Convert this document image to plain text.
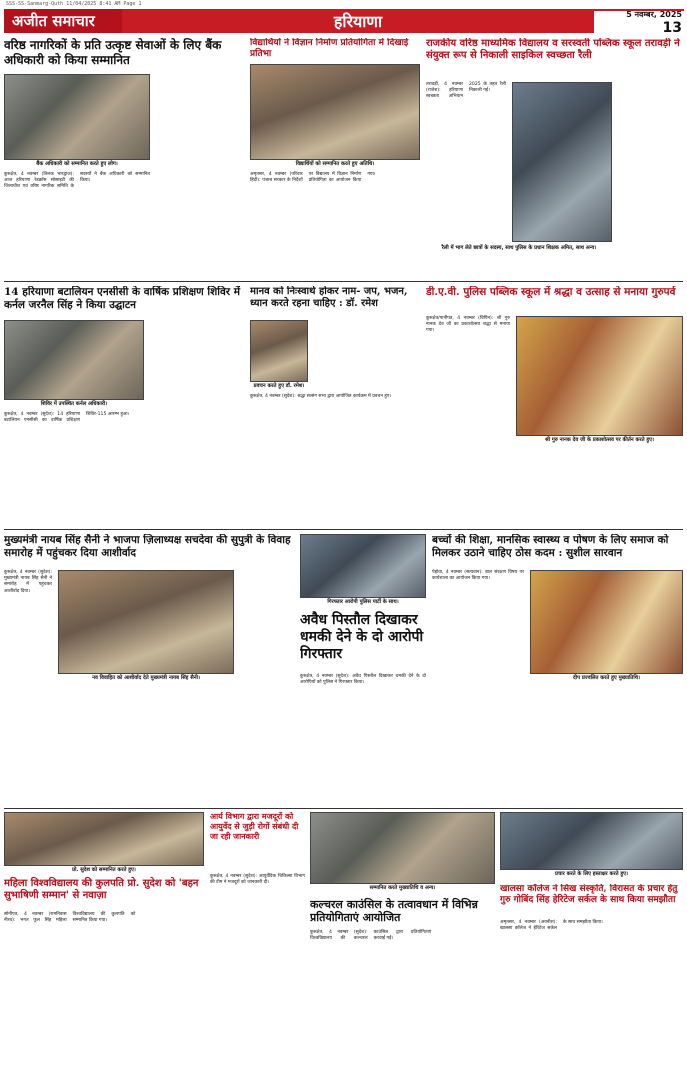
SSS-SS-Sanmarg-Quth 11/04/2025 8:41 AM Page 1
अजीत समाचार	हरियाणा	5 नवम्बर, 2025
13
वरिष्ठ नागरिकों के प्रति उत्कृष्ट सेवाओं के लिए बैंक अधिकारी को किया सम्मानित
बैंक अधिकारी को सम्मानित करते हुए लोग।
कुरुक्षेत्र, 4 नवम्बर (तिलक भारद्वाज): आज हरियाणा रेडक्रॉस सोसाइटी की जिलाधीश एवं वरिष्ठ नागरिक समिति के सदस्यों ने बैंक अधिकारी को सम्मानित किया।
विद्यार्थियों ने विज्ञान निर्माण प्रतियोगिता में दिखाई प्रतिभा
विद्यार्थियों को सम्मानित करते हुए अतिथि।
अमृतसर, 4 नवम्बर (परिवार हिंदी): पंजाब सरकार के निर्देशों पर विद्यालय में विज्ञान निर्माण प्रतियोगिता का आयोजन किया गया।
राजकीय वरिष्ठ माध्यमिक विद्यालय व सरस्वती पब्लिक स्कूल तरावड़ी ने संयुक्त रूप से निकाली साइकिल स्वच्छता रैली
तरावड़ी, 4 नवम्बर (राजेश): हरियाणा स्वच्छता अभियान 2025 के तहत रैली निकाली गई।
रैली में भाग लेते छात्रों के सदस्य, साथ पुलिस के प्रधान शिक्षक अमित, साथ अन्य।
14 हरियाणा बटालियन एनसीसी के वार्षिक प्रशिक्षण शिविर में कर्नल जरनैल सिंह ने किया उद्घाटन
शिविर में उपस्थित कर्नल अधिकारी।
कुरुक्षेत्र, 4 नवम्बर (सुदेश): 14 हरियाणा बटालियन एनसीसी का वार्षिक प्रशिक्षण शिविर-115 आरम्भ हुआ।
मानव को निःस्वार्थ होकर नाम- जप, भजन, ध्यान करते रहना चाहिए : डॉ. रमेश
प्रवचन करते हुए डॉ. रमेश।
कुरुक्षेत्र, 4 नवम्बर (सुदेश): श्रद्धा सत्संग सभा द्वारा आयोजित कार्यक्रम में प्रवचन हुए।
डी.ए.वी. पुलिस पब्लिक स्कूल में श्रद्धा व उत्साह से मनाया गुरुपर्व
श्री गुरु नानक देव जी के प्रकाशोत्सव पर कीर्तन करते हुए।
कुरुक्षेत्र/पानीपत, 4 नवम्बर (विपिन): श्री गुरु नानक देव जी का प्रकाशोत्सव श्रद्धा से मनाया गया।
मुख्यमंत्री नायब सिंह सैनी ने भाजपा ज़िलाध्यक्ष सचदेवा की सुपुत्री के विवाह समारोह में पहुंचकर दिया आशीर्वाद
कुरुक्षेत्र, 4 नवम्बर (सुदेश): मुख्यमंत्री नायब सिंह सैनी ने समारोह में पहुंचकर आशीर्वाद दिया।
नव विवाहित को आशीर्वाद देते मुख्यमंत्री नायब सिंह सैनी।
गिरफ्तार आरोपी पुलिस पार्टी के साथ।
अवैध पिस्तौल दिखाकर धमकी देने के दो आरोपी गिरफ्तार
कुरुक्षेत्र, 4 नवम्बर (सुदेश): अवैध पिस्तौल दिखाकर धमकी देने के दो आरोपियों को पुलिस ने गिरफ्तार किया।
बच्चों की शिक्षा, मानसिक स्वास्थ्य व पोषण के लिए समाज को मिलकर उठाने चाहिए ठोस कदम : सुशील सारवान
पेहोवा, 4 नवम्बर (सत्यवान): बाल संरक्षण विषय पर कार्यशाला का आयोजन किया गया।
दीप प्रज्वलित करते हुए मुख्यातिथि।
प्रो. सुदेश को सम्मानित करते हुए।
महिला विश्वविद्यालय की कुलपति प्रो. सुदेश को 'बहन सुभाषिणी सम्मान' से नवाज़ा
सोनीपत, 4 नवम्बर (रामनिवास नीरव): भगत फूल सिंह महिला विश्वविद्यालय की कुलपति को सम्मानित किया गया।
आर्य विभाग द्वारा मजदूरों को आयुर्वेद से जुड़ी रोगों संबंधी दी जा रही जानकारी
कुरुक्षेत्र, 4 नवम्बर (सुदेश): आयुर्वेदिक चिकित्सा विभाग की टीम ने मजदूरों को जानकारी दी।
सम्मानित करते मुख्यातिथि व अन्य।
कल्चरल काउंसिल के तत्वावधान में विभिन्न प्रतियोगिताएं आयोजित
कुरुक्षेत्र, 4 नवम्बर (सुदेश): विश्वविद्यालय की कल्चरल काउंसिल द्वारा प्रतियोगिताएं करवाई गईं।
प्रचार करते के लिए हस्ताक्षर करते हुए।
खालसा कॉलेज ने सिख संस्कृति, विरासत के प्रचार हेतु गुरु गोबिंद सिंह हेरिटेज सर्कल के साथ किया समझौता
अमृतसर, 4 नवम्बर (अवनीश): खालसा कॉलेज ने हेरिटेज सर्कल के साथ समझौता किया।
